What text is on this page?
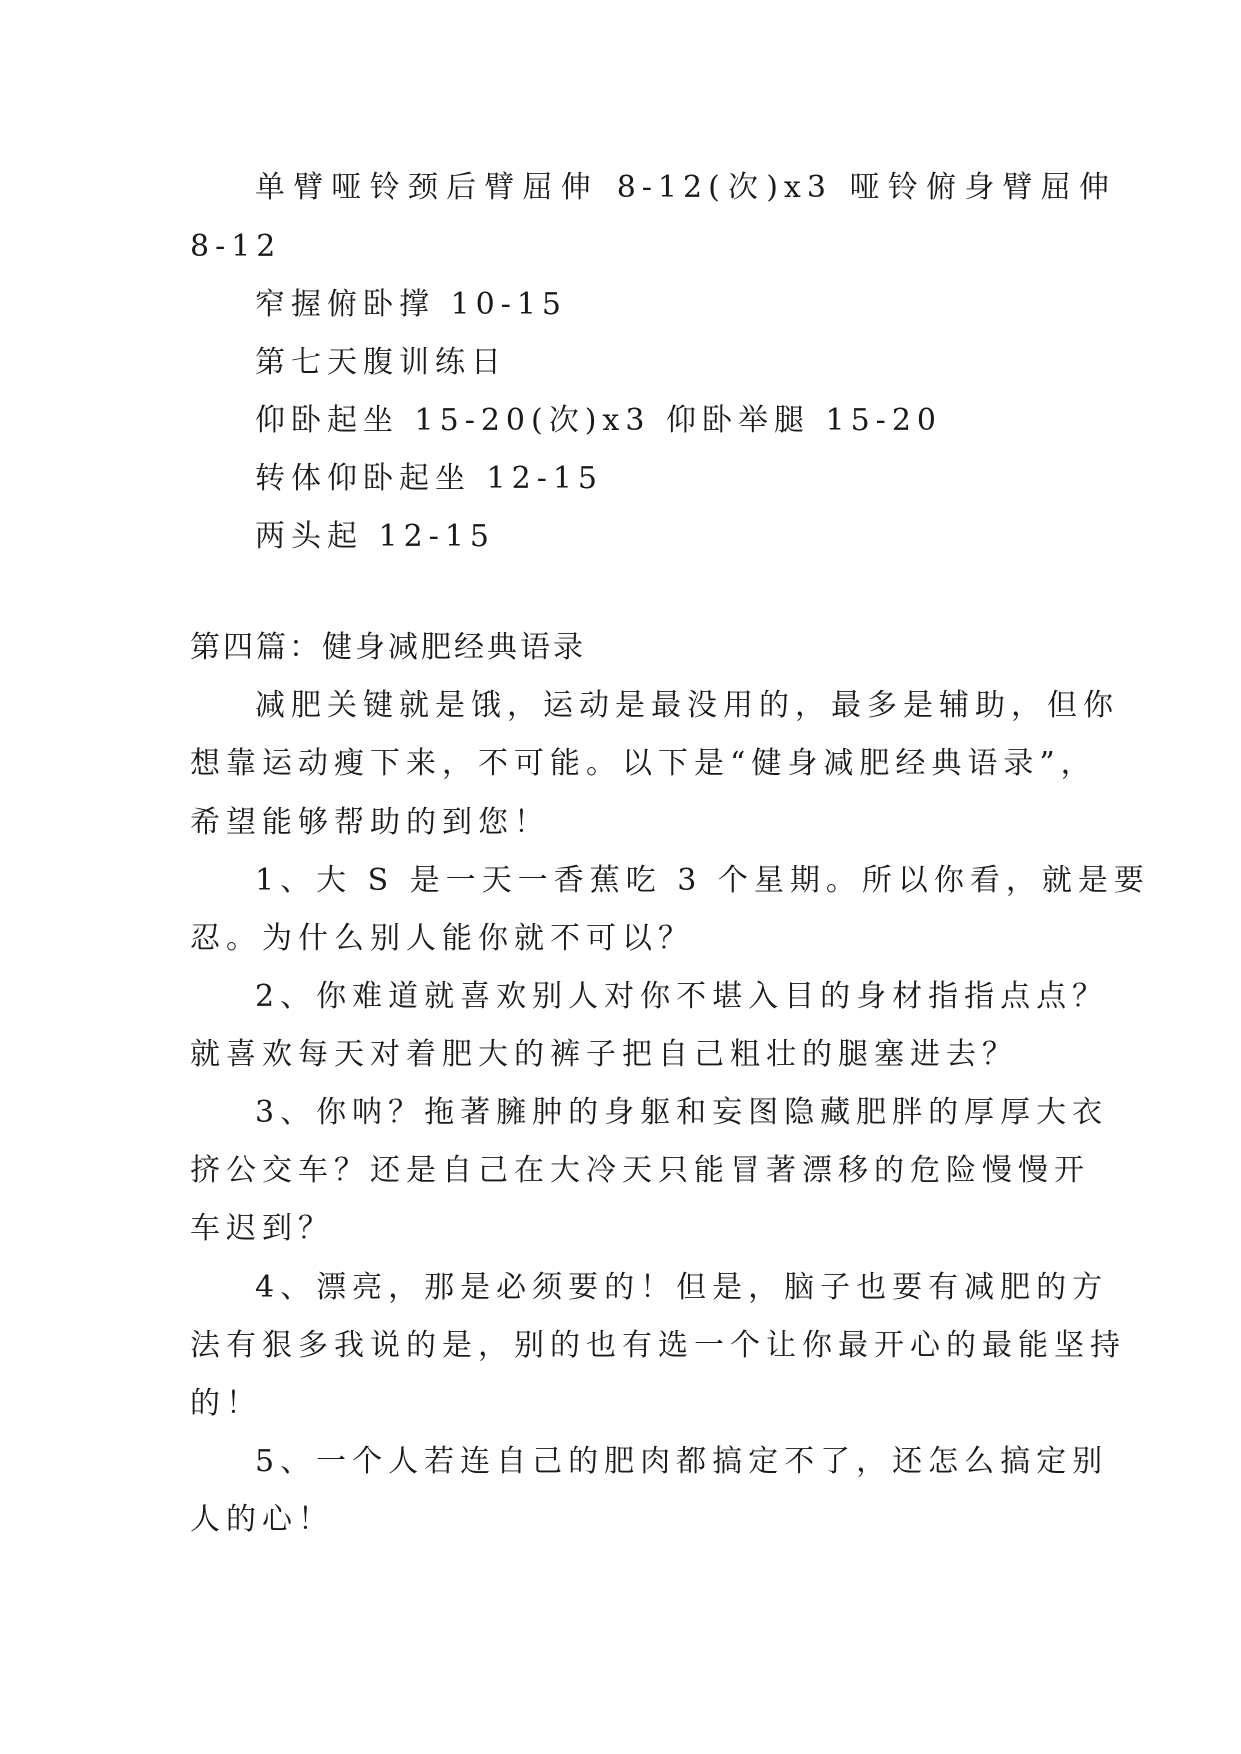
单臂哑铃颈后臂屈伸 8-12(次)x3 哑铃俯身臂屈伸
8-12
窄握俯卧撑 10-15
第七天腹训练日
仰卧起坐 15-20(次)x3 仰卧举腿 15-20
转体仰卧起坐 12-15
两头起 12-15
第四篇：健身减肥经典语录
减肥关键就是饿，运动是最没用的，最多是辅助，但你
想靠运动瘦下来，不可能。以下是“健身减肥经典语录”，
希望能够帮助的到您！
1、大 S 是一天一香蕉吃 3 个星期。所以你看，就是要
忍。为什么别人能你就不可以？
2、你难道就喜欢别人对你不堪入目的身材指指点点？
就喜欢每天对着肥大的裤子把自己粗壮的腿塞进去？
3、你呐？拖著臃肿的身躯和妄图隐藏肥胖的厚厚大衣
挤公交车？还是自己在大冷天只能冒著漂移的危险慢慢开
车迟到？
4、漂亮，那是必须要的！但是，脑子也要有减肥的方
法有狠多我说的是，别的也有选一个让你最开心的最能坚持
的！
5、一个人若连自己的肥肉都搞定不了，还怎么搞定别
人的心！
